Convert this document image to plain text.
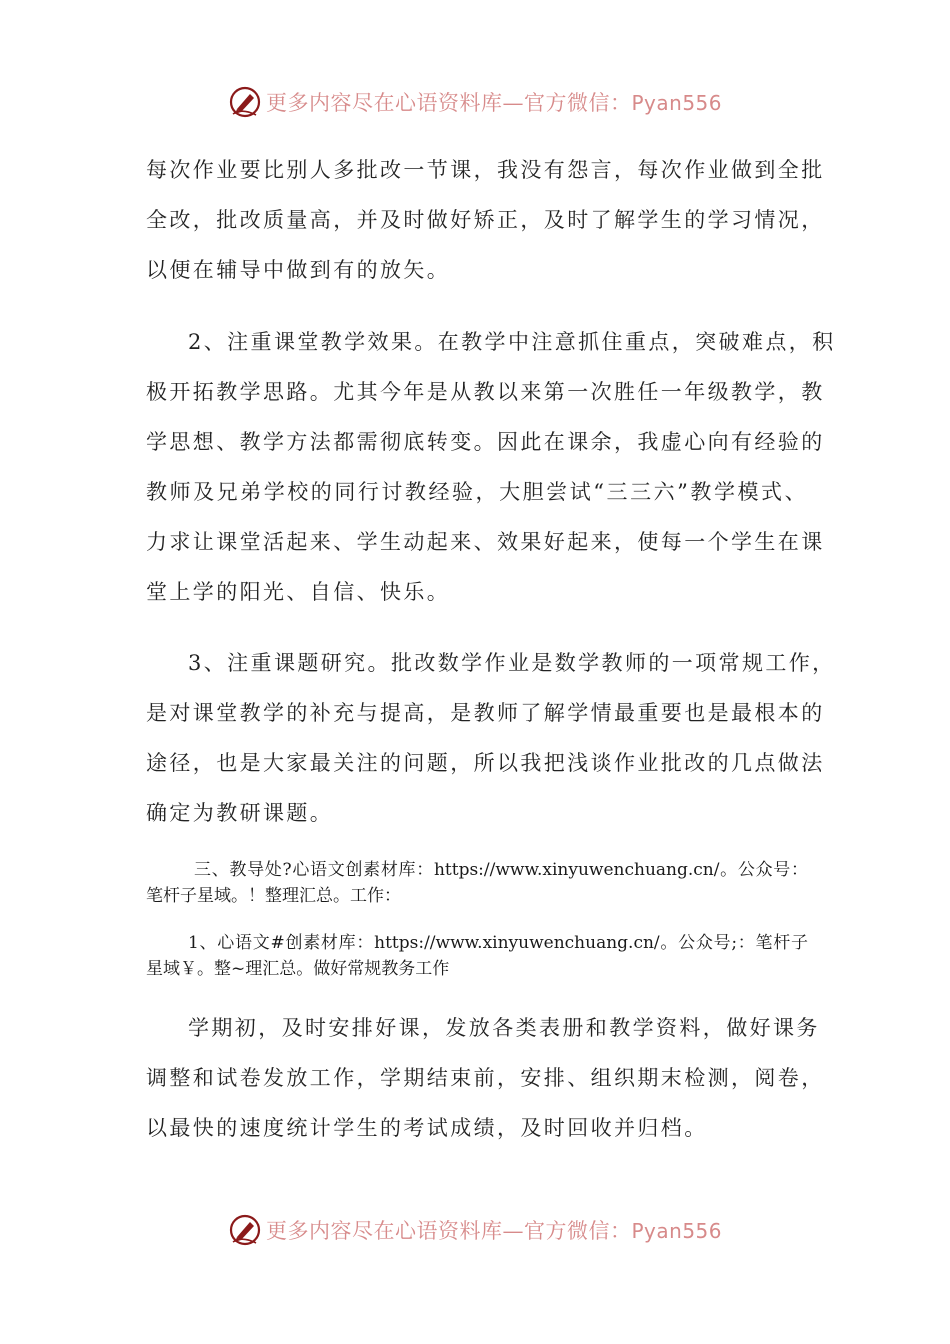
更多内容尽在心语资料库—官方微信：Pyan556
每次作业要比别人多批改一节课，我没有怨言，每次作业做到全批
全改，批改质量高，并及时做好矫正，及时了解学生的学习情况，
以便在辅导中做到有的放矢。
2、注重课堂教学效果。在教学中注意抓住重点，突破难点，积
极开拓教学思路。尤其今年是从教以来第一次胜任一年级教学，教
学思想、教学方法都需彻底转变。因此在课余，我虚心向有经验的
教师及兄弟学校的同行讨教经验，大胆尝试“三三六”教学模式、
力求让课堂活起来、学生动起来、效果好起来，使每一个学生在课
堂上学的阳光、自信、快乐。
3、注重课题研究。批改数学作业是数学教师的一项常规工作，
是对课堂教学的补充与提高，是教师了解学情最重要也是最根本的
途径，也是大家最关注的问题，所以我把浅谈作业批改的几点做法
确定为教研课题。
三、教导处?心语文创素材库：https://www.xinyuwenchuang.cn/。公众号：
笔杆子星域。！整理汇总。工作：
1、心语文#创素材库：https://www.xinyuwenchuang.cn/。公众号;：笔杆子
星域￥。整~理汇总。做好常规教务工作
学期初，及时安排好课，发放各类表册和教学资料，做好课务
调整和试卷发放工作，学期结束前，安排、组织期末检测，阅卷，
以最快的速度统计学生的考试成绩，及时回收并归档。
更多内容尽在心语资料库—官方微信：Pyan556
